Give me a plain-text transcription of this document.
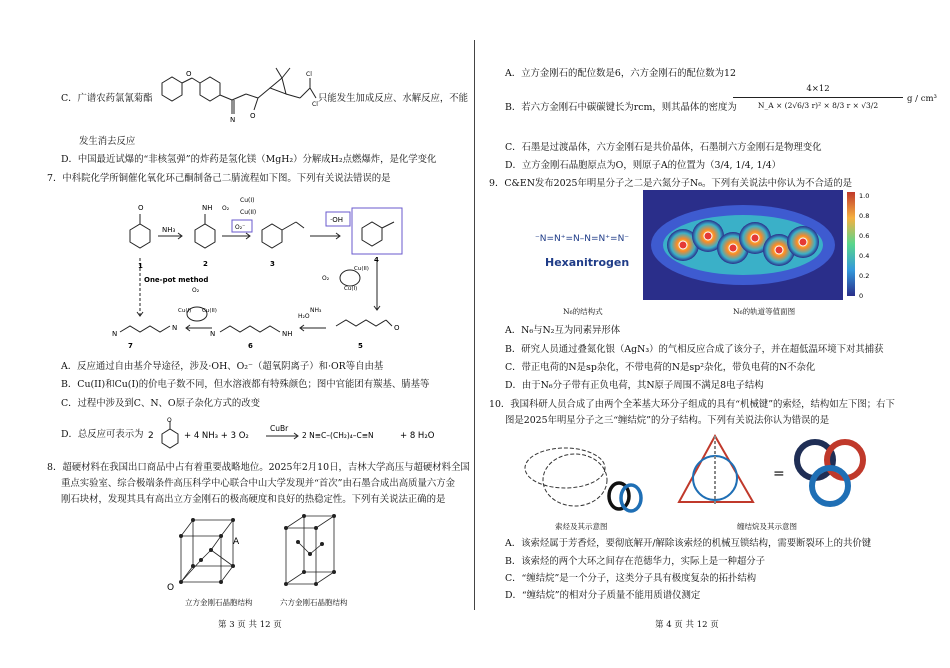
C．广谱农药氯氰菊酯
O
N O
Cl
Cl
只能发生加成反应、水解反应，不能
发生消去反应
D．中国最近试爆的“非核氢弹”的炸药是氢化镁（MgH₂）分解成H₂点燃爆炸，是化学变化
7．中科院化学所铜催化氧化环己酮制备己二腈流程如下图。下列有关说法错误的是
O	NH
NH₃
Cu(I)
Cu(II)
O₂
O₂⁻
·OH
Cu(II)
Cu(I)
O₂
One-pot method
O₂
Cu(I) Cu(II)
H₂O
NH₃
N
N
N	NH
O
1	2	3	4
5
6
7
A．反应通过自由基介导途径，涉及·OH、O₂⁻（超氧阴离子）和·OR等自由基
B．Cu(II)和Cu(I)的价电子数不同，但水溶液都有特殊颜色；图中官能团有羰基、腈基等
C．过程中涉及到C、N、O原子杂化方式的改变
D．总反应可表示为 2
O
+ 4 NH₃ + 3 O₂
CuBr
2 N≡C–(CH₂)₄–C≡N	+ 8 H₂O
8．超硬材料在我国出口商品中占有着重要战略地位。2025年2月10日，吉林大学高压与超硬材料全国
重点实验室、综合极端条件高压科学中心联合中山大学发现并“首次”由石墨合成出高质量六方金
刚石块材，发现其具有高出立方金刚石的极高硬度和良好的热稳定性。下列有关说法正确的是
A
O
立方金刚石晶胞结构	六方金刚石晶胞结构
第 3 页 共 12 页
A．立方金刚石的配位数是6，六方金刚石的配位数为12
B．若六方金刚石中碳碳键长为rcm，则其晶体的密度为
4×12
N_A × (2√6/3 r)² × 8/3 r × √3/2
g / cm³
C．石墨是过渡晶体，六方金刚石是共价晶体，石墨制六方金刚石是物理变化
D．立方金刚石晶胞原点为O，则原子A的位置为（3/4, 1/4, 1/4）
9．C&EN发布2025年明星分子之二是六氮分子N₆。下列有关说法中你认为不合适的是
⁻N=N⁺=N–N=N⁺=N⁻
Hexanitrogen
1.0
0.8
0.6
0.4
0.2
0
N₆的结构式	N₆的轨道等值面图
A．N₆与N₂互为同素异形体
B．研究人员通过叠氮化银（AgN₃）的气相反应合成了该分子，并在超低温环境下对其捕获
C．带正电荷的N是sp杂化，不带电荷的N是sp²杂化，带负电荷的N不杂化
D．由于N₆分子带有正负电荷，其N原子周围不满足8电子结构
10．我国科研人员合成了由两个全苯基大环分子组成的具有“机械键”的索烃，结构如左下图；右下
图是2025年明星分子之三“缠结烷”的分子结构。下列有关说法你认为错误的是
索烃及其示意图
=
缠结烷及其示意图
A．该索烃属于芳香烃，要彻底解开/解除该索烃的机械互锁结构，需要断裂环上的共价键
B．该索烃的两个大环之间存在范德华力，实际上是一种超分子
C．“缠结烷”是一个分子，这类分子具有极度复杂的拓扑结构
D．“缠结烷”的相对分子质量不能用质谱仪测定
第 4 页 共 12 页
